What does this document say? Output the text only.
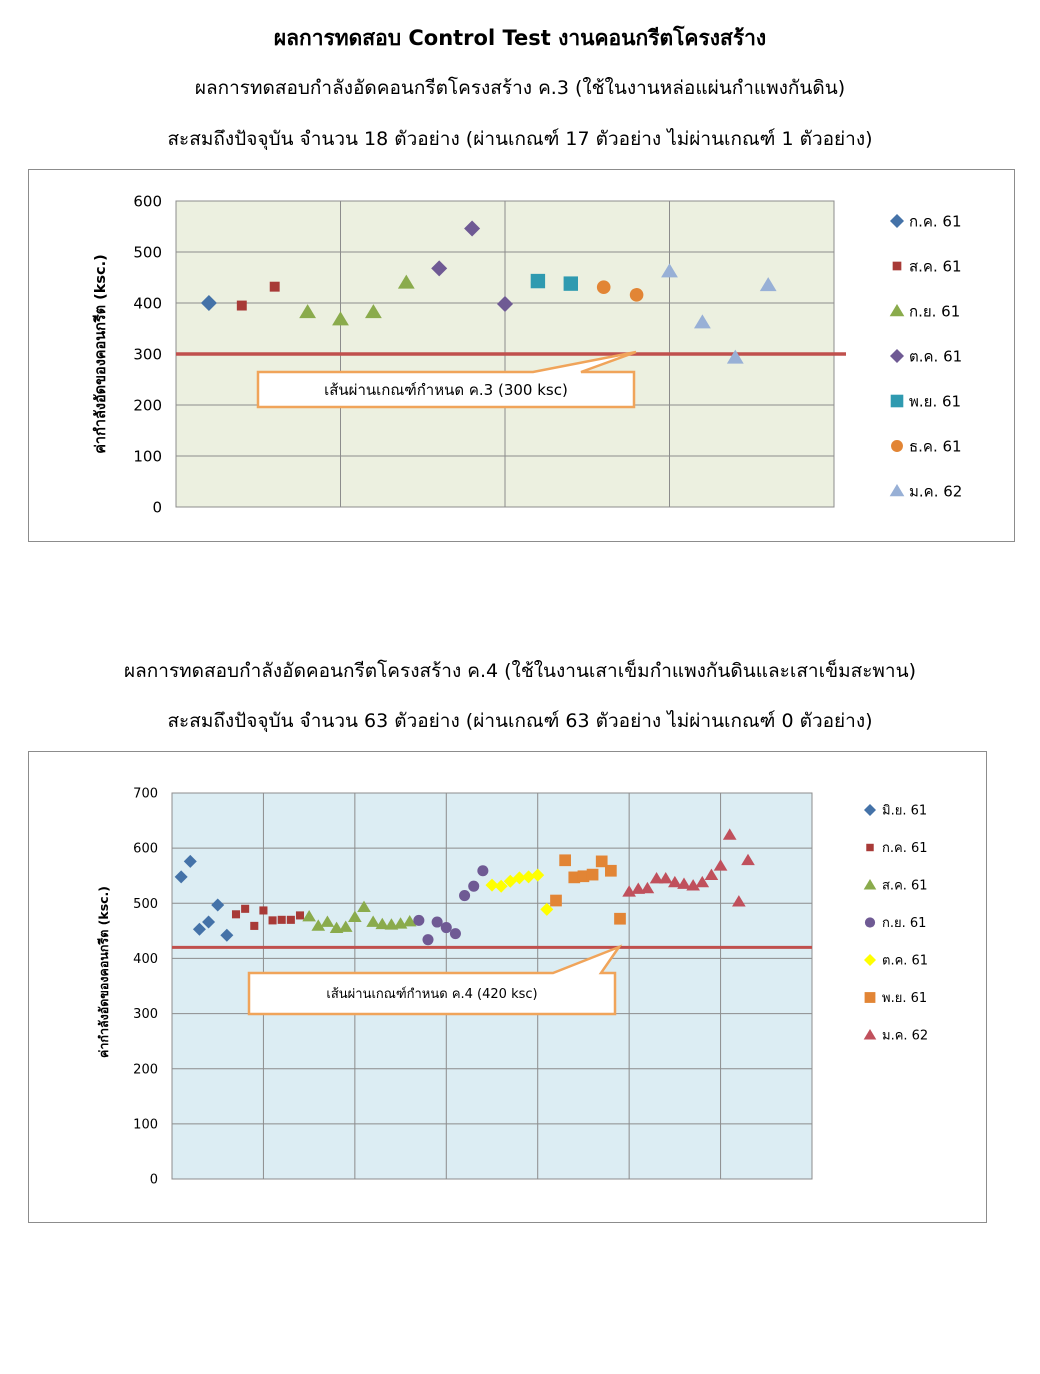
ผลการทดสอบ Control Test งานคอนกรีตโครงสร้าง
ผลการทดสอบกำลังอัดคอนกรีตโครงสร้าง ค.3 (ใช้ในงานหล่อแผ่นกำแพงกันดิน)
สะสมถึงปัจจุบัน จำนวน 18 ตัวอย่าง (ผ่านเกณฑ์ 17 ตัวอย่าง ไม่ผ่านเกณฑ์ 1 ตัวอย่าง)
0
100
200
300
400
500
600
ค่ากำลังอัดของคอนกรีต (ksc.)	เส้นผ่านเกณฑ์กำหนด ค.3 (300 ksc)
ก.ค. 61
ส.ค. 61
ก.ย. 61
ต.ค. 61
พ.ย. 61
ธ.ค. 61
ม.ค. 62
ผลการทดสอบกำลังอัดคอนกรีตโครงสร้าง ค.4 (ใช้ในงานเสาเข็มกำแพงกันดินและเสาเข็มสะพาน)
สะสมถึงปัจจุบัน จำนวน 63 ตัวอย่าง (ผ่านเกณฑ์ 63 ตัวอย่าง ไม่ผ่านเกณฑ์ 0 ตัวอย่าง)
0
100
200
300
400
500
600
700
ค่ากำลังอัดของคอนกรีต (ksc.)	เส้นผ่านเกณฑ์กำหนด ค.4 (420 ksc)
มิ.ย. 61
ก.ค. 61
ส.ค. 61
ก.ย. 61
ต.ค. 61
พ.ย. 61
ม.ค. 62
